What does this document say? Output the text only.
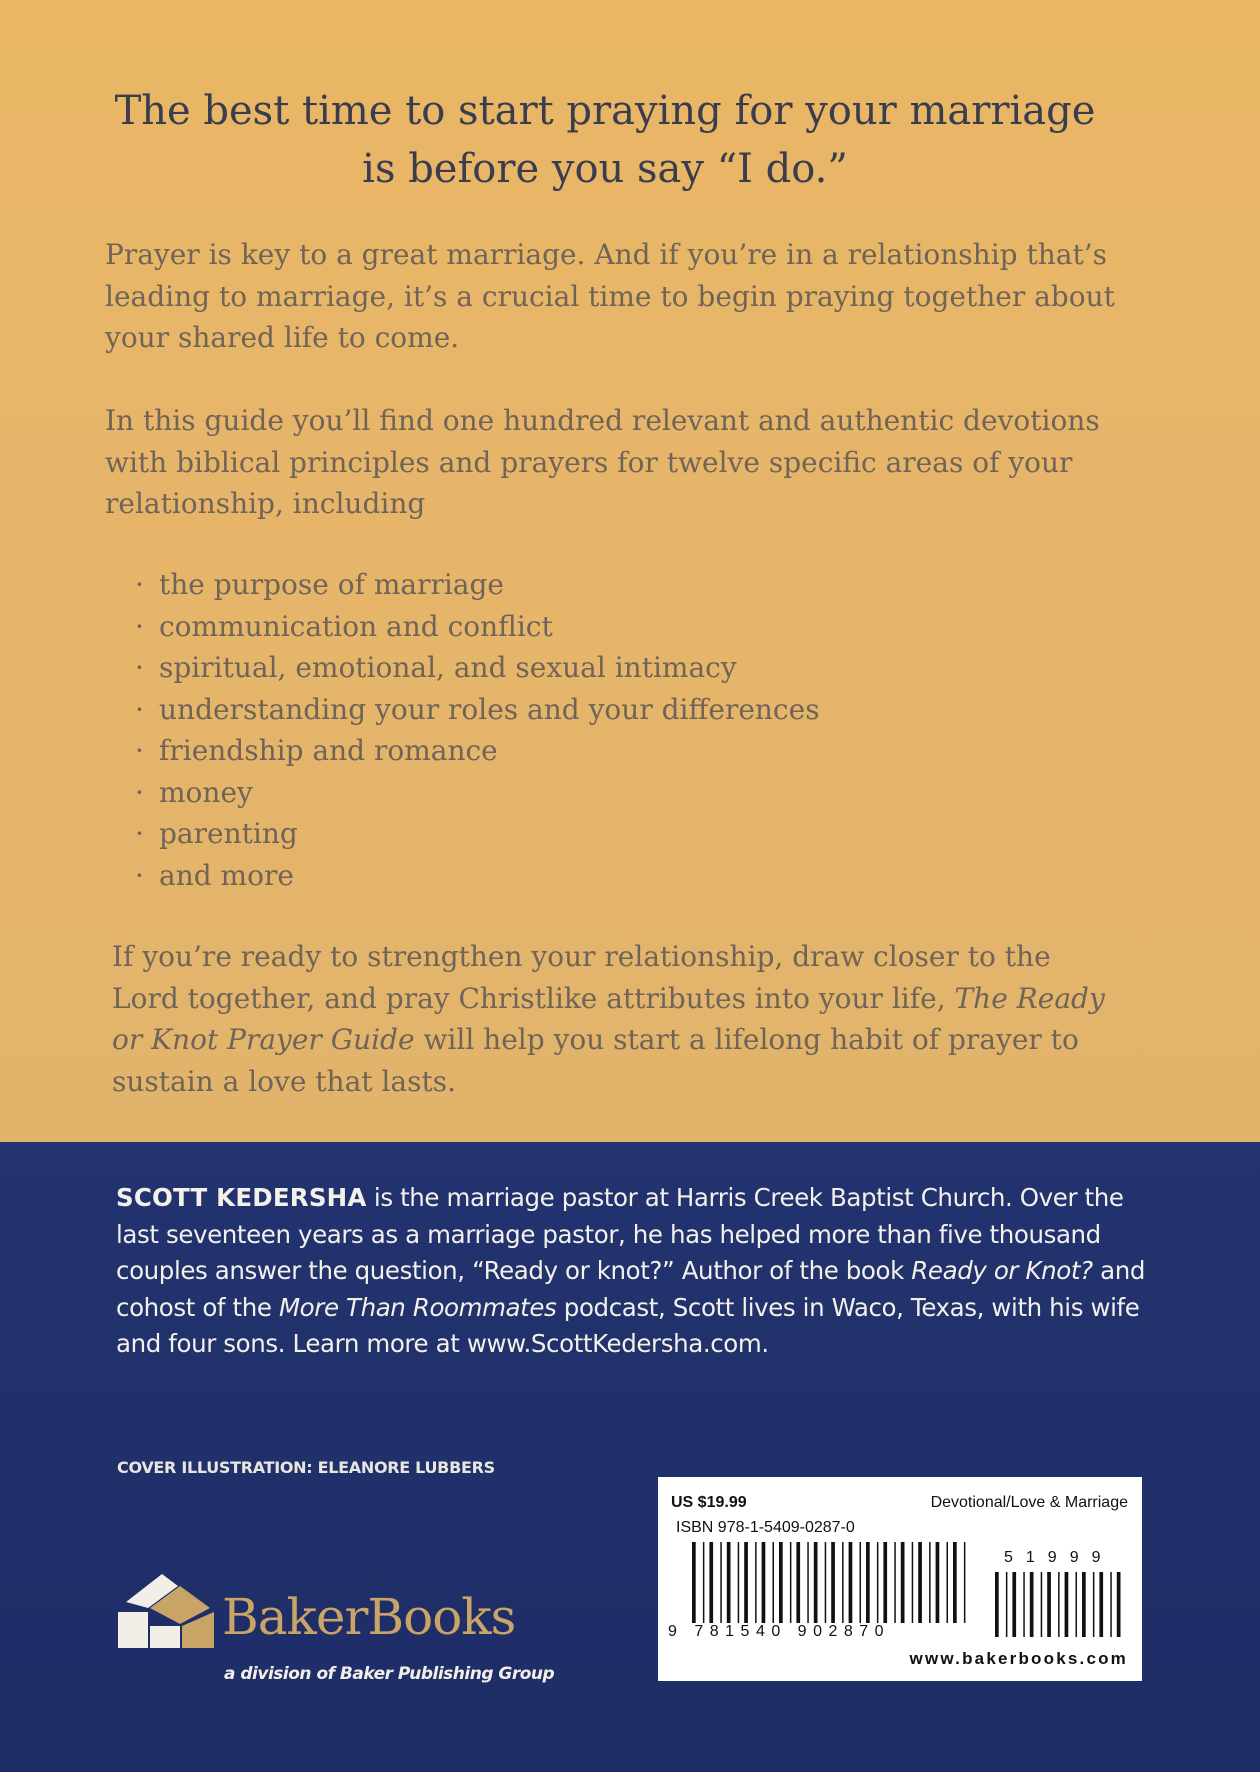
The best time to start praying for your marriage
is before you say “I do.”
Prayer is key to a great marriage. And if you’re in a relationship that’s leading to marriage, it’s a crucial time to begin praying together about your shared life to come.
In this guide you’ll find one hundred relevant and authentic devotions with biblical principles and prayers for twelve specific areas of your relationship, including
· the purpose of marriage
· communication and conflict
· spiritual, emotional, and sexual intimacy
· understanding your roles and your differences
· friendship and romance
· money
· parenting
· and more
If you’re ready to strengthen your relationship, draw closer to the Lord together, and pray Christlike attributes into your life, The Ready or Knot Prayer Guide will help you start a lifelong habit of prayer to sustain a love that lasts.
SCOTT KEDERSHA is the marriage pastor at Harris Creek Baptist Church. Over the last seventeen years as a marriage pastor, he has helped more than five thousand couples answer the question, “Ready or knot?” Author of the book Ready or Knot? and cohost of the More Than Roommates podcast, Scott lives in Waco, Texas, with his wife and four sons. Learn more at www.ScottKedersha.com.
COVER ILLUSTRATION: ELEANORE LUBBERS
BakerBooks
a division of Baker Publishing Group
US $19.99	Devotional/Love & Marriage
ISBN 978-1-5409-0287-0
9 781540 902870
51999
www.bakerbooks.com
